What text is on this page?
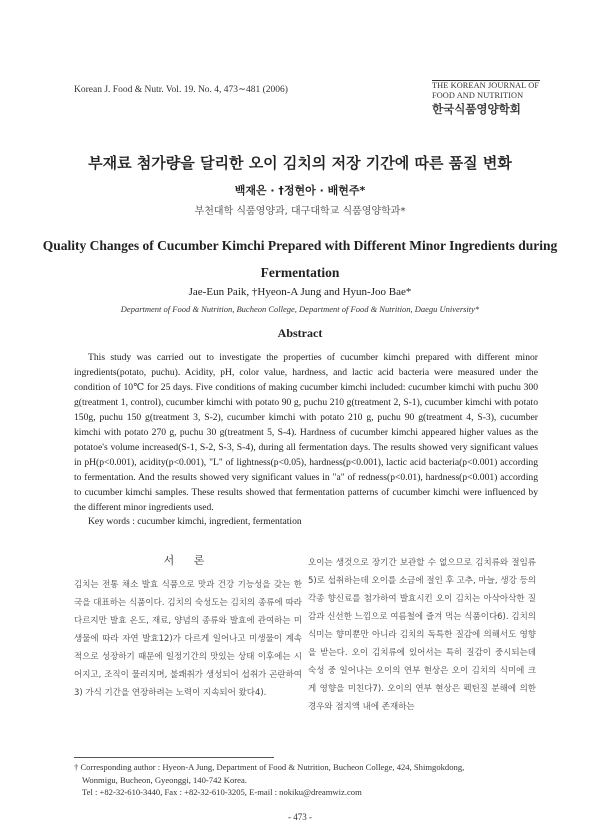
Korean J. Food & Nutr. Vol. 19. No. 4, 473∼481 (2006)	THE KOREAN JOURNAL OF
FOOD AND NUTRITION
한국식품영양학회
부재료 첨가량을 달리한 오이 김치의 저장 기간에 따른 품질 변화
백재은 · †정현아 · 배현주*
부천대학 식품영양과, 대구대학교 식품영양학과*
Quality Changes of Cucumber Kimchi Prepared with Different Minor Ingredients during Fermentation
Jae-Eun Paik, †Hyeon-A Jung and Hyun-Joo Bae*
Department of Food & Nutrition, Bucheon College, Department of Food & Nutrition, Daegu University*
Abstract
This study was carried out to investigate the properties of cucumber kimchi prepared with different minor ingredients(potato, puchu). Acidity, pH, color value, hardness, and lactic acid bacteria were measured under the condition of 10℃ for 25 days. Five conditions of making cucumber kimchi included: cucumber kimchi with puchu 300 g(treatment 1, control), cucumber kimchi with potato 90 g, puchu 210 g(treatment 2, S-1), cucumber kimchi with potato 150g, puchu 150 g(treatment 3, S-2), cucumber kimchi with potato 210 g, puchu 90 g(treatment 4, S-3), cucumber kimchi with potato 270 g, puchu 30 g(treatment 5, S-4). Hardness of cucumber kimchi appeared higher values as the potatoe's volume increased(S-1, S-2, S-3, S-4), during all fermentation days. The results showed very significant values in pH(p<0.001), acidity(p<0.001), "L" of lightness(p<0.05), hardness(p<0.001), lactic acid bacteria(p<0.001) according to fermentation. And the results showed very significant values in "a" of redness(p<0.01), hardness(p<0.001) according to cucumber kimchi samples. These results showed that fermentation patterns of cucumber kimchi were influenced by the different minor ingredients used.
Key words : cucumber kimchi, ingredient, fermentation
서 론
김치는 전통 채소 발효 식품으로 맛과 건강 기능성을 갖는 한국을 대표하는 식품이다. 김치의 숙성도는 김치의 종류에 따라 다르지만 발효 온도, 재료, 양념의 종류와 발효에 관여하는 미생물에 따라 자연 발효12)가 다르게 일어나고 미생물이 계속적으로 성장하기 때문에 일정기간의 맛있는 상태 이후에는 시어지고, 조직이 물러지며, 불쾌취가 생성되어 섭취가 곤란하여3) 가식 기간을 연장하려는 노력이 지속되어 왔다4).
오이는 생것으로 장기간 보관할 수 없으므로 김치류와 절임류5)로 섭취하는데 오이를 소금에 절인 후 고추, 마늘, 생강 등의 각종 향신료를 첨가하여 발효시킨 오이 김치는 아삭아삭한 질감과 신선한 느낌으로 여름철에 즐겨 먹는 식품이다6). 김치의 식미는 향미뿐만 아니라 김치의 독특한 질감에 의해서도 영향을 받는다. 오이 김치류에 있어서는 특히 질감이 중시되는데 숙성 중 일어나는 오이의 연부 현상은 오이 김치의 식미에 크게 영향을 미친다7). 오이의 연부 현상은 펙틴질 분해에 의한 경우와 점지액 내에 존재하는
† Corresponding author : Hyeon-A Jung, Department of Food & Nutrition, Bucheon College, 424, Shimgokdong,
Wonmigu, Bucheon, Gyeonggi, 140-742 Korea.
Tel : +82-32-610-3440, Fax : +82-32-610-3205, E-mail : nokiku@dreamwiz.com
- 473 -
